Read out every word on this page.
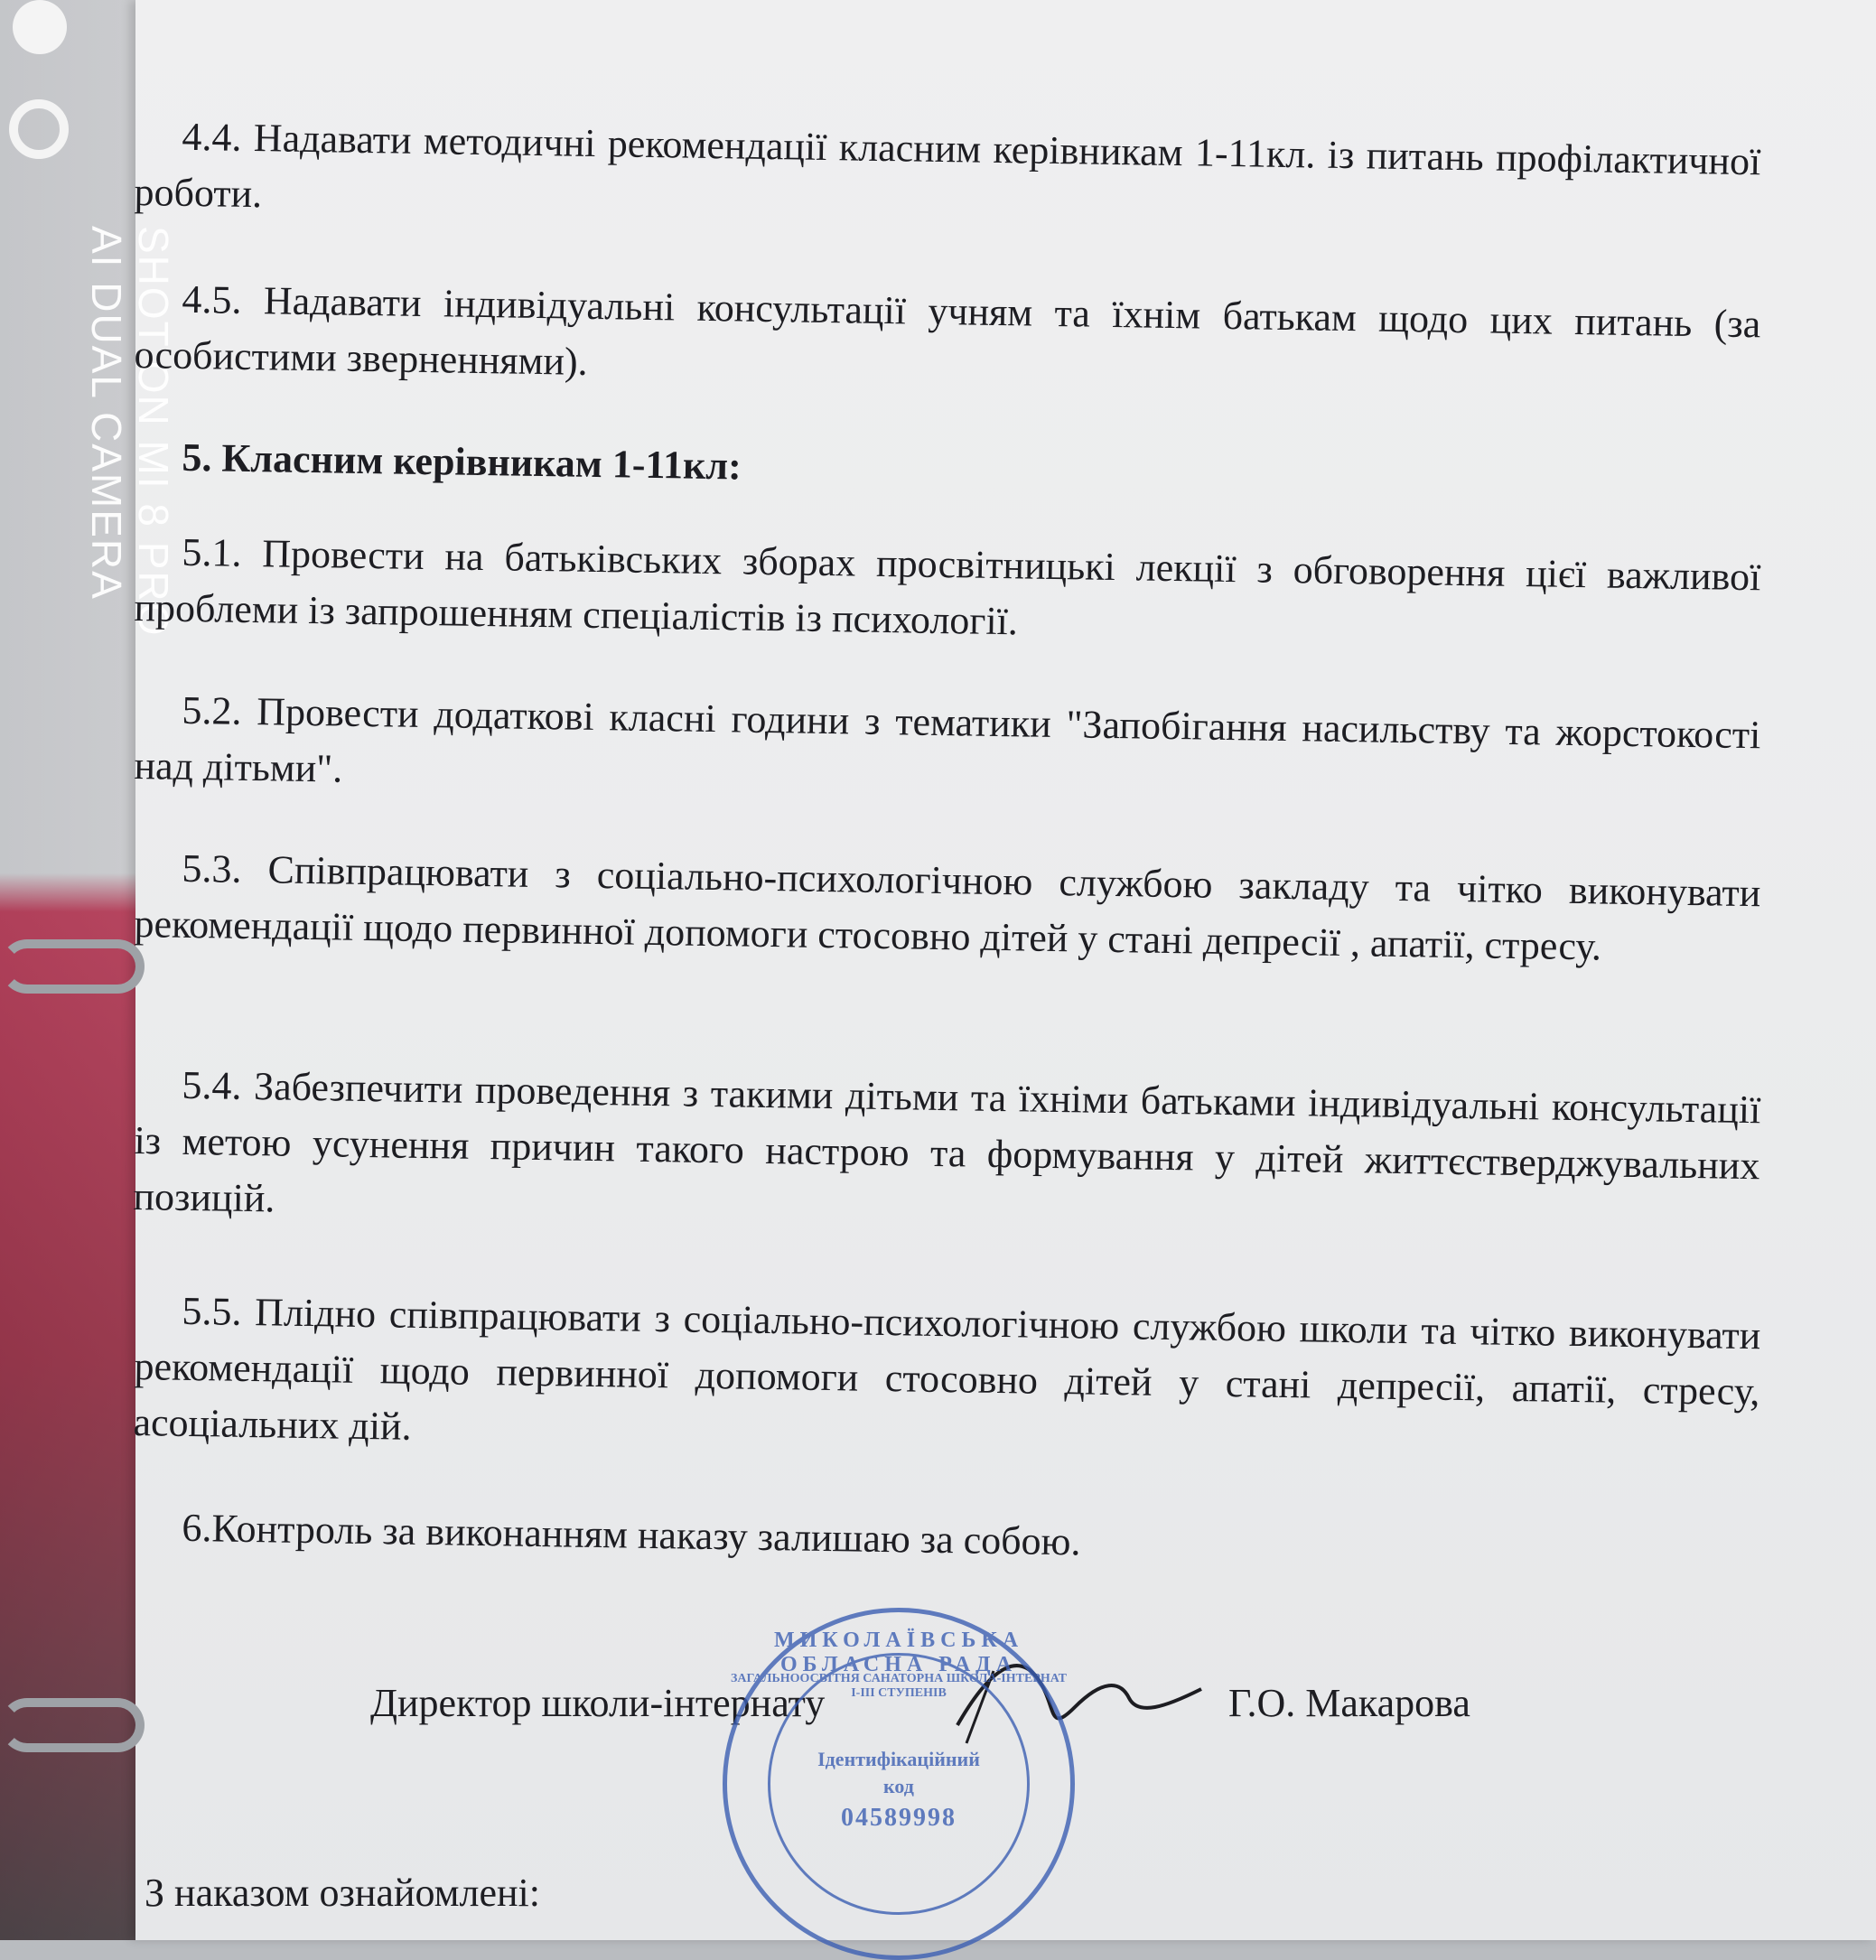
SHOT ON MI 8 PRO
AI DUAL CAMERA

4.4. Надавати методичні рекомендації класним керівникам 1-11кл. із питань профілактичної роботи.

4.5. Надавати індивідуальні консультації учням та їхнім батькам щодо цих питань (за особистими зверненнями).

5. Класним керівникам 1-11кл:

5.1. Провести на батьківських зборах просвітницькі лекції з обговорення цієї важливої проблеми із запрошенням спеціалістів із психології.

5.2. Провести додаткові класні години з тематики "Запобігання насильству та жорстокості над дітьми".

5.3. Співпрацювати з соціально-психологічною службою закладу та чітко виконувати рекомендації щодо первинної допомоги стосовно дітей у стані депресії , апатії, стресу.

5.4. Забезпечити проведення з такими дітьми та їхніми батьками індивідуальні консультації із метою усунення причин такого настрою та формування у дітей життєстверджувальних позицій.

5.5. Плідно співпрацювати з соціально-психологічною службою школи та чітко виконувати рекомендації щодо первинної допомоги стосовно дітей у стані депресії, апатії, стресу, асоціальних дій.

6.Контроль за виконанням наказу залишаю за собою.

Директор школи-інтернату	Г.О. Макарова
МИКОЛАЇВСЬКА ОБЛАСНА РАДА
ЗАГАЛЬНООСВІТНЯ САНАТОРНА ШКОЛА-ІНТЕРНАТ І-ІІІ СТУПЕНІВ
Ідентифікаційний
код
04589998
З наказом ознайомлені:
